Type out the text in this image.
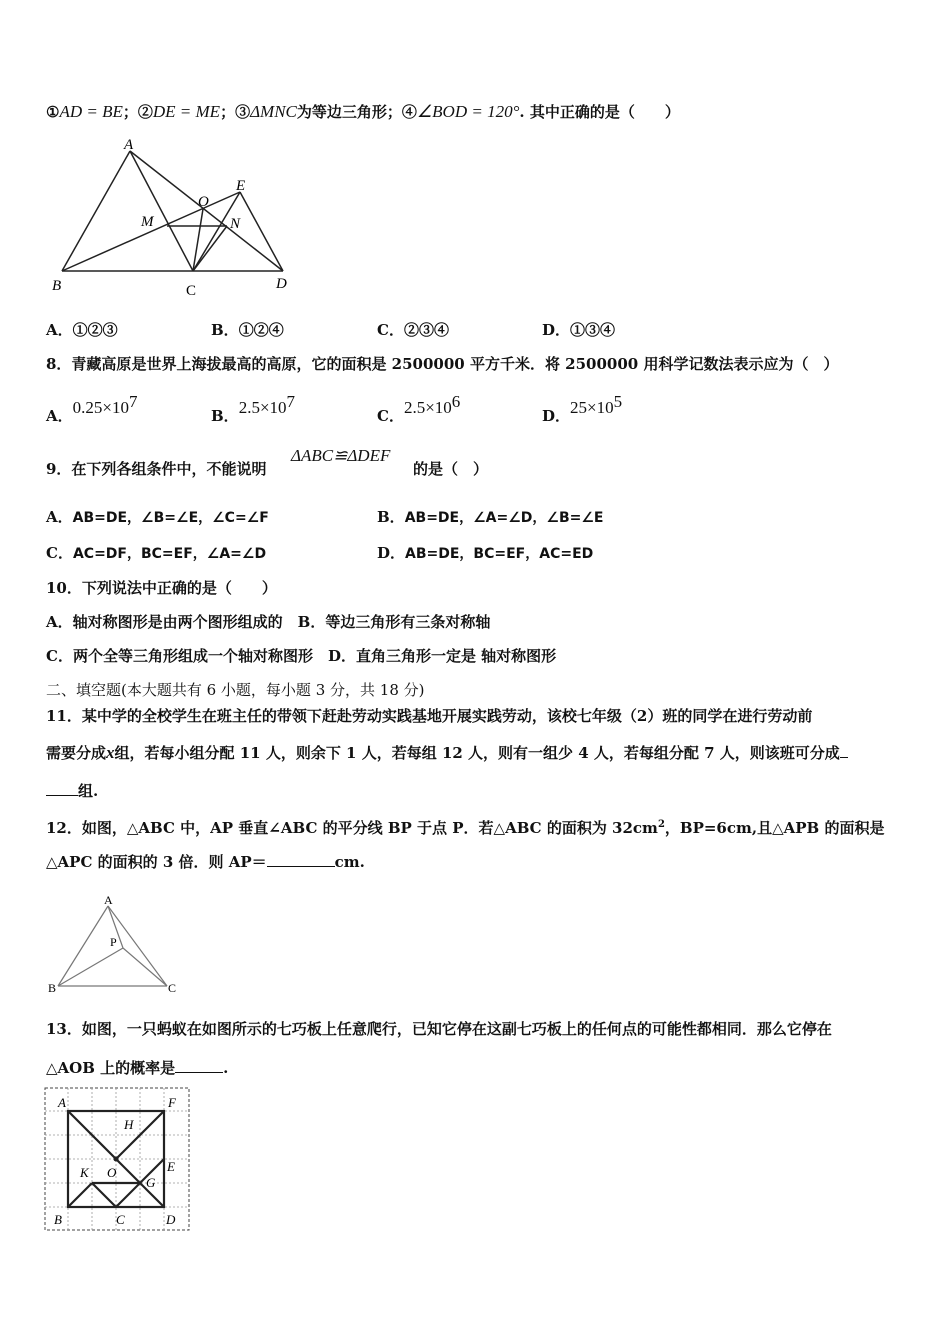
①AD = BE；②DE = ME；③ΔMNC为等边三角形；④∠BOD = 120°. 其中正确的是（　　）
A
E
O
M	N
B	C	D
A．①②③	B．①②④	C．②③④	D．①③④
8．青藏高原是世界上海拔最高的高原，它的面积是 2500000 平方千米．将 2500000 用科学记数法表示应为（　）
A．$0.25\times 10^7$
B．$2.5\times 10^7$
C．$2.5\times 10^6$
D．$25\times 10^5$
9．在下列各组条件中，不能说明
ΔABC≌ΔDEF
的是（　）
A．AB=DE，∠B=∠E，∠C=∠F	B．AB=DE，∠A=∠D，∠B=∠E
C．AC=DF，BC=EF，∠A=∠D	D．AB=DE，BC=EF，AC=ED
10．下列说法中正确的是（　　）
A．轴对称图形是由两个图形组成的　B．等边三角形有三条对称轴
C．两个全等三角形组成一个轴对称图形　D．直角三角形一定是 轴对称图形
二、填空题(本大题共有 6 小题，每小题 3 分，共 18 分)
11．某中学的全校学生在班主任的带领下赶赴劳动实践基地开展实践劳动，该校七年级（2）班的同学在进行劳动前
需要分成x组，若每小组分配 11 人，则余下 1 人，若每组 12 人，则有一组少 4 人，若每组分配 7 人，则该班可分成
组.
12．如图，△ABC 中，AP 垂直∠ABC 的平分线 BP 于点 P．若△ABC 的面积为 $32cm^2$，BP=6cm,且△APB 的面积是
△APC 的面积的 3 倍．则 AP＝	cm.
A
P
B	C
13．如图，一只蚂蚁在如图所示的七巧板上任意爬行，已知它停在这副七巧板上的任何点的可能性都相同．那么它停在
△AOB 上的概率是	.
A	F
H
K O	E
G
B	C	D
